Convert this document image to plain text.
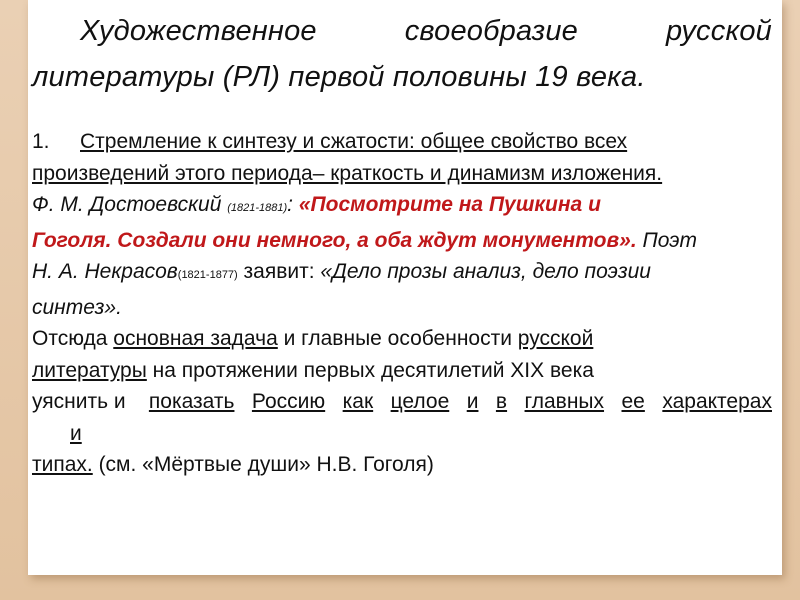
Художественное	своеобразие	русской
литературы (РЛ) первой половины 19 века.
1. Стремление к синтезу и сжатости: общее свойство всех
произведений этого периода– краткость и динамизм изложения.
Ф. М. Достоевский (1821-1881): «Посмотрите на Пушкина и
Гоголя. Создали они немного, а оба ждут монументов». Поэт
Н. А. Некрасов(1821-1877) заявит: «Дело прозы анализ, дело поэзии
синтез».
Отсюда основная задача и главные особенности русской
литературы на протяжении первых десятилетий XIX века
уяснить и показать Россию как целое и в главных ее характерах
и
типах. (см. «Мёртвые души» Н.В. Гоголя)
